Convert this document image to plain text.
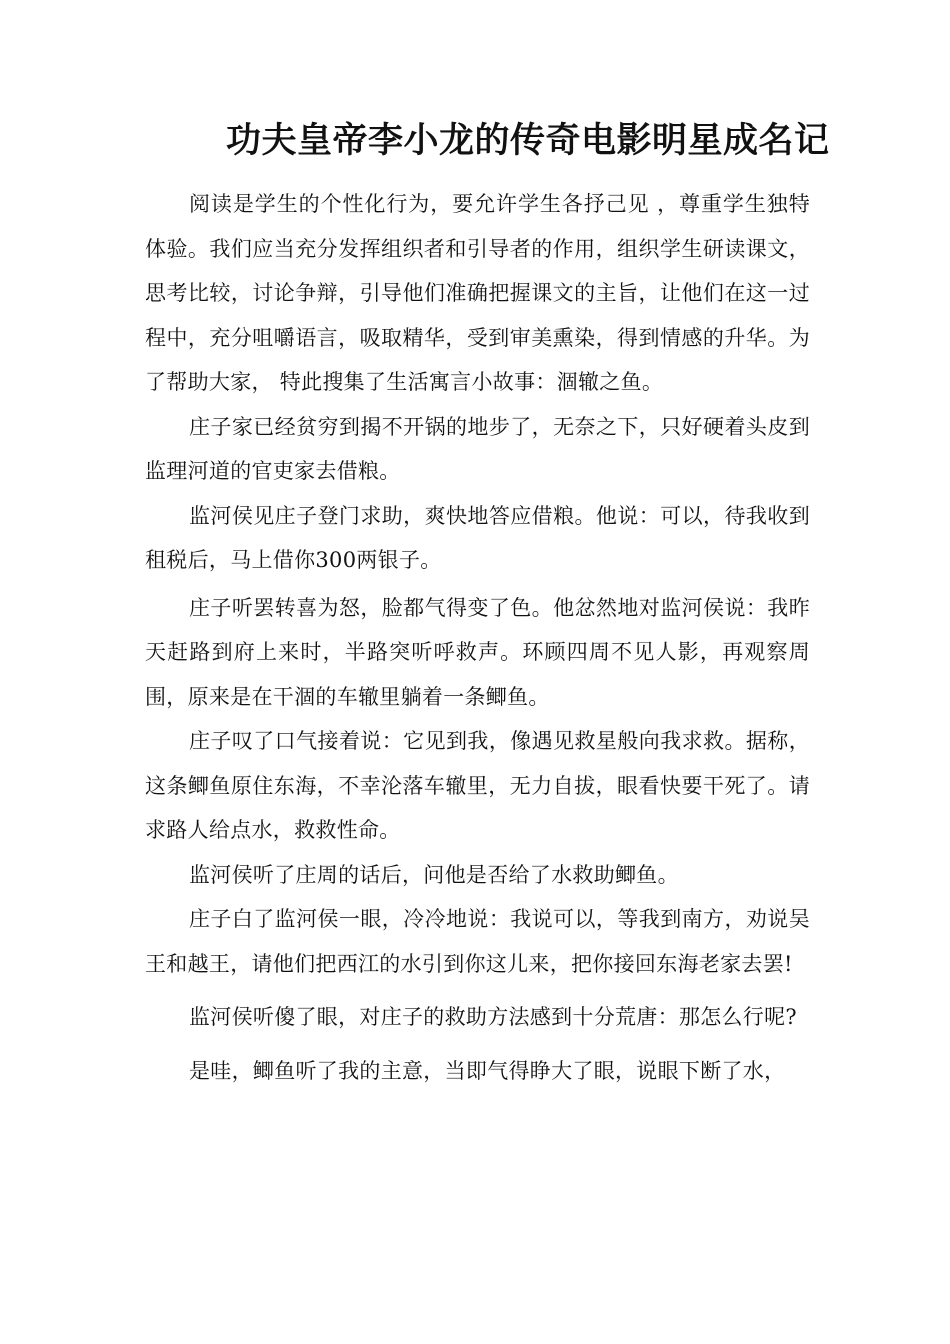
功夫皇帝李小龙的传奇电影明星成名记

阅读是学生的个性化行为，要允许学生各抒己见 ，尊重学生独特体验。我们应当充分发挥组织者和引导者的作用，组织学生研读课文，思考比较，讨论争辩，引导他们准确把握课文的主旨，让他们在这一过程中，充分咀嚼语言，吸取精华，受到审美熏染，得到情感的升华。为了帮助大家， 特此搜集了生活寓言小故事：涸辙之鱼。

庄子家已经贫穷到揭不开锅的地步了，无奈之下，只好硬着头皮到监理河道的官吏家去借粮。

监河侯见庄子登门求助，爽快地答应借粮。他说：可以，待我收到租税后，马上借你300两银子。

庄子听罢转喜为怒，脸都气得变了色。他忿然地对监河侯说：我昨天赶路到府上来时，半路突听呼救声。环顾四周不见人影，再观察周围，原来是在干涸的车辙里躺着一条鲫鱼。

庄子叹了口气接着说：它见到我，像遇见救星般向我求救。据称，这条鲫鱼原住东海，不幸沦落车辙里，无力自拔，眼看快要干死了。请求路人给点水，救救性命。

监河侯听了庄周的话后，问他是否给了水救助鲫鱼。

庄子白了监河侯一眼，冷冷地说：我说可以，等我到南方，劝说吴王和越王，请他们把西江的水引到你这儿来，把你接回东海老家去罢!

监河侯听傻了眼，对庄子的救助方法感到十分荒唐：那怎么行呢?

是哇，鲫鱼听了我的主意，当即气得睁大了眼，说眼下断了水，
